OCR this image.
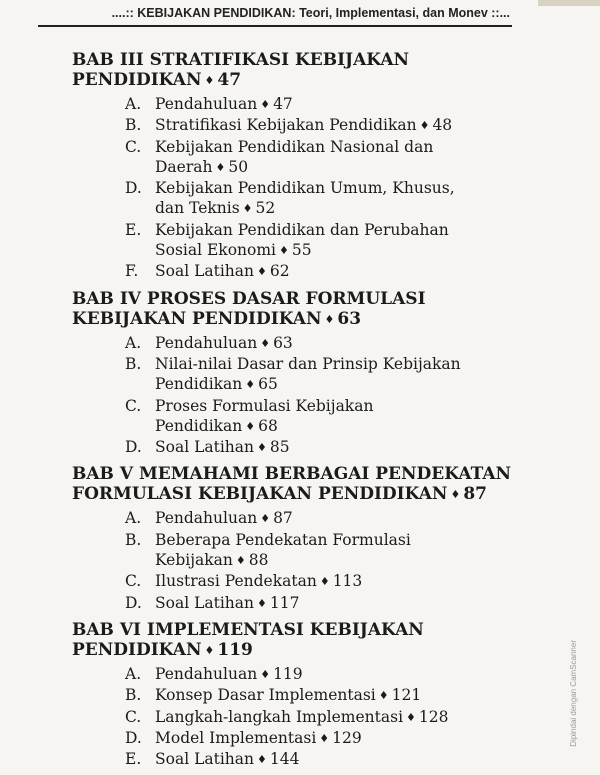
....:: KEBIJAKAN PENDIDIKAN: Teori, Implementasi, dan Monev ::...
BAB III STRATIFIKASI KEBIJAKAN
PENDIDIKAN ♦ 47
A. Pendahuluan ♦ 47
B. Stratifikasi Kebijakan Pendidikan ♦ 48
C. Kebijakan Pendidikan Nasional dan
Daerah ♦ 50
D. Kebijakan Pendidikan Umum, Khusus,
dan Teknis ♦ 52
E. Kebijakan Pendidikan dan Perubahan
Sosial Ekonomi ♦ 55
F.	Soal Latihan ♦ 62
BAB IV PROSES DASAR FORMULASI
KEBIJAKAN PENDIDIKAN ♦ 63
A. Pendahuluan ♦ 63
B. Nilai-nilai Dasar dan Prinsip Kebijakan
Pendidikan ♦ 65
C. Proses Formulasi Kebijakan
Pendidikan ♦ 68
D. Soal Latihan ♦ 85
BAB V MEMAHAMI BERBAGAI PENDEKATAN
FORMULASI KEBIJAKAN PENDIDIKAN ♦ 87
A. Pendahuluan ♦ 87
B. Beberapa Pendekatan Formulasi
Kebijakan ♦ 88
C. Ilustrasi Pendekatan ♦ 113
D. Soal Latihan ♦ 117
BAB VI IMPLEMENTASI KEBIJAKAN
PENDIDIKAN ♦ 119
A. Pendahuluan ♦ 119
B. Konsep Dasar Implementasi ♦ 121
C. Langkah-langkah Implementasi ♦ 128
D. Model Implementasi ♦ 129
E. Soal Latihan ♦ 144
Dipindai dengan CamScanner
